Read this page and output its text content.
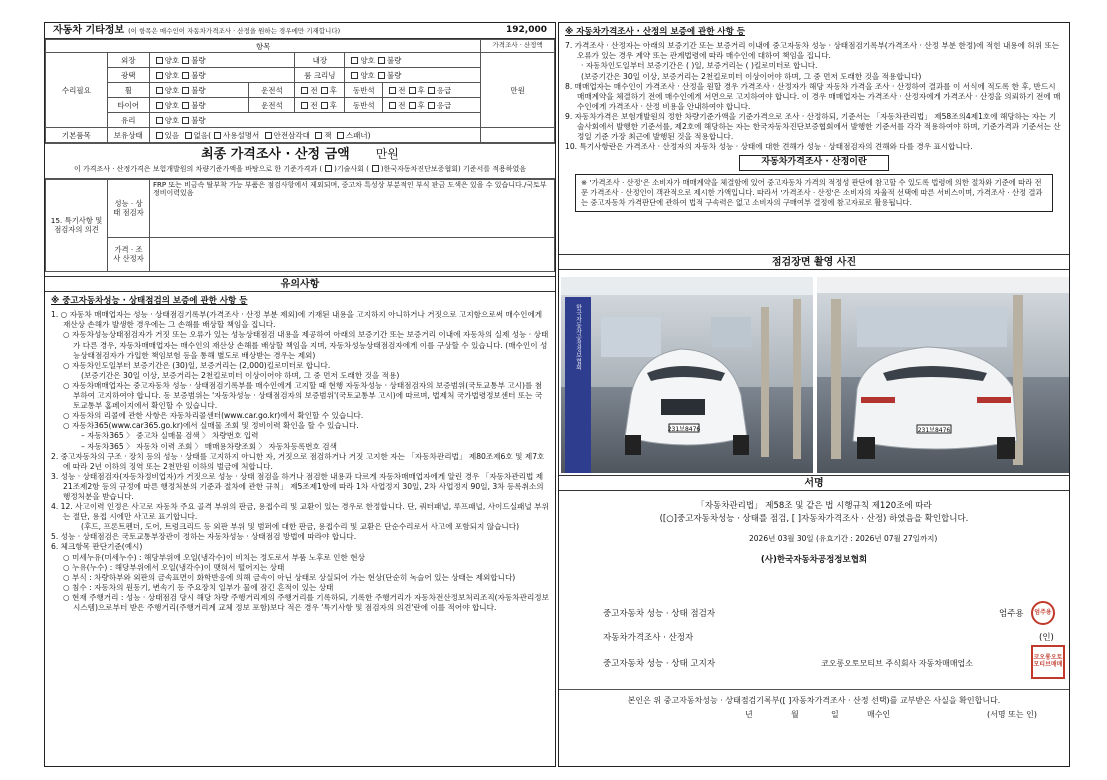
자동차 기타정보 (이 항목은 매수인이 자동차가격조사 · 산정을 원하는 경우에만 기재합니다)	192,000
항목							가격조사 · 산정액
수리필요	외장	양호 불량		내장	양호 불량		만원
	광택	양호 불량		룸 크리닝	양호 불량		
	휠	양호 불량	운전석	전 후	동반석	전 후 응급	
	타이어	양호 불량	운전석	전 후	동반석	전 후 응급	
	유리	양호 불량					
기본품목	보유상태	있음 없음( 사용설명서 안전삼각대 잭 스패너)					
최종 가격조사 · 산정 금액 만원
이 가격조사 · 산정가격은 보험개발원의 차량기준가액을 바탕으로 한 기준가격과 ( )기술사회 ( )한국자동차진단보증협회) 기준서를 적용하였음
15. 특기사항 및 점검자의 의견	성능 · 상태 점검자	FRP 또는 비금속 탈부착 가능 부품은 점검사항에서 제외되며, 중고차 특성상 부분적인 부식 판금 도색은 있을 수 있습니다./국토부정비이력있음
	가격 · 조사 산정자	
유의사항
※ 중고자동차성능 · 상태점검의 보증에 관한 사항 등

1. ○ 자동차 매매업자는 성능 · 상태점검기록부(가격조사 · 산정 부분 제외)에 기재된 내용을 고지하지 아니하거나 거짓으로 고지함으로써 매수인에게 재산상 손해가 발생한 경우에는 그 손해를 배상할 책임을 집니다.

○ 자동차성능상태점검자가 거짓 또는 오류가 있는 성능상태점검 내용을 제공하여 아래의 보증기간 또는 보증거리 이내에 자동차의 실제 성능 · 상태가 다른 경우, 자동차매매업자는 매수인의 재산상 손해를 배상할 책임을 지며, 자동차성능상태점검자에게 이를 구상할 수 있습니다. (매수인이 성능상태점검자가 가입한 책임보험 등을 통해 별도로 배상받는 경우는 제외)

○ 자동차인도일부터 보증기간은 (30)일, 보증거리는 (2,000)킬로미터로 합니다.

(보증기간은 30일 이상, 보증거리는 2천킬로미터 이상이어야 하며, 그 중 먼저 도래한 것을 적용)

○ 자동차매매업자는 중고자동차 성능 · 상태점검기록부를 매수인에게 고지할 때 현행 자동차성능 · 상태점검자의 보증범위(국토교통부 고시)를 첨부하여 고지하여야 합니다. 동 보증범위는 '자동차성능 · 상태점검자의 보증범위'(국토교통부 고시)에 따르며, 법제처 국가법령정보센터 또는 국토교통부 홈페이지에서 확인할 수 있습니다.

○ 자동차의 리콜에 관한 사항은 자동차리콜센터(www.car.go.kr)에서 확인할 수 있습니다.

○ 자동차365(www.car365.go.kr)에서 실매물 조회 및 정비이력 확인을 할 수 있습니다.

– 자동차365 〉 중고차 실매물 검색 〉 차량번호 입력

– 자동차365 〉 자동차 이력 조회 〉 매매용차량조회 〉 자동차등록번호 검색

2. 중고자동차의 구조 · 장치 등의 성능 · 상태를 고지하지 아니한 자, 거짓으로 점검하거나 거짓 고지한 자는 「자동차관리법」 제80조제6호 및 제7호에 따라 2년 이하의 징역 또는 2천만원 이하의 벌금에 처합니다.

3. 성능 · 상태점검자(자동차정비업자)가 거짓으로 성능 · 상태 점검을 하거나 점검한 내용과 다르게 자동차매매업자에게 알린 경우 「자동차관리법 제21조제2항 등의 규정에 따른 행정처분의 기준과 절차에 관한 규칙」 제5조제1항에 따라 1차 사업정지 30일, 2차 사업정지 90일, 3차 등록취소의 행정처분을 받습니다.

4. 12. 사고이력 인정은 사고로 자동차 주요 골격 부위의 판금, 용접수리 및 교환이 있는 경우로 한정합니다. 단, 쿼터패널, 루프패널, 사이드실패널 부위는 절단, 용접 시에만 사고로 표기합니다.

(후드, 프론트펜더, 도어, 트렁크리드 등 외판 부위 및 범퍼에 대한 판금, 용접수리 및 교환은 단순수리로서 사고에 포함되지 않습니다)

5. 성능 · 상태점검은 국토교통부장관이 정하는 자동차성능 · 상태점검 방법에 따라야 합니다.

6. 체크항목 판단기준(예시)

○ 미세누유(미세누수) : 해당부위에 오일(냉각수)이 비치는 정도로서 부품 노후로 인한 현상

○ 누유(누수) : 해당부위에서 오일(냉각수)이 맺혀서 떨어지는 상태

○ 부식 : 차량하부와 외판의 금속표면이 화학반응에 의해 금속이 아닌 상태로 상실되어 가는 현상(단순히 녹슬어 있는 상태는 제외합니다)

○ 침수 : 자동차의 원동기, 변속기 등 주요장치 일부가 물에 잠긴 흔적이 있는 상태

○ 현재 주행거리 : 성능 · 상태점검 당시 해당 차량 주행거리계의 주행거리를 기록하되, 기록한 주행거리가 자동차전산정보처리조직(자동차관리정보시스템)으로부터 받은 주행거리(주행거리계 교체 정보 포함)보다 적은 경우 '특기사항 및 점검자의 의견'란에 이를 적어야 합니다.

※ 자동차가격조사 · 산정의 보증에 관한 사항 등

7. 가격조사 · 산정자는 아래의 보증기간 또는 보증거리 이내에 중고자동차 성능 · 상태점검기록부(가격조사 · 산정 부분 한정)에 적힌 내용에 허위 또는 오류가 있는 경우 계약 또는 관계법령에 따라 매수인에 대하여 책임을 집니다.

· 자동차인도일부터 보증기간은 ( )일, 보증거리는 ( )킬로미터로 합니다.

(보증기간은 30일 이상, 보증거리는 2천킬로미터 이상이어야 하며, 그 중 먼저 도래한 것을 적용합니다)

8. 매매업자는 매수인이 가격조사 · 산정을 원할 경우 가격조사 · 산정자가 해당 자동차 가격을 조사 · 산정하여 결과를 이 서식에 적도록 한 후, 반드시 매매계약을 체결하기 전에 매수인에게 서면으로 고지하여야 합니다. 이 경우 매매업자는 가격조사 · 산정자에게 가격조사 · 산정을 의뢰하기 전에 매수인에게 가격조사 · 산정 비용을 안내하여야 합니다.

9. 자동차가격은 보험개발원의 정한 차량기준가액을 기준가격으로 조사 · 산정하되, 기준서는 「자동차관리법」 제58조의4제1호에 해당하는 자는 기술사회에서 발행한 기준서를, 제2호에 해당하는 자는 한국자동차진단보증협회에서 발행한 기준서를 각각 적용하여야 하며, 기준가격과 기준서는 산정일 기준 가장 최근에 발행된 것을 적용합니다.

10. 특기사항란은 가격조사 · 산정자의 자동차 성능 · 상태에 대한 견해가 성능 · 상태점검자의 견해와 다를 경우 표시합니다.

자동차가격조사 · 산정이란
※ '가격조사 · 산정'은 소비자가 매매계약을 체결함에 있어 중고자동차 가격의 적정성 판단에 참고할 수 있도록 법령에 의한 절차와 기준에 따라 전문 가격조사 · 산정인이 객관적으로 제시한 가액입니다. 따라서 '가격조사 · 산정'은 소비자의 자율적 선택에 따른 서비스이며, 가격조사 · 산정 결과는 중고자동차 가격판단에 관하여 법적 구속력은 없고 소비자의 구매여부 결정에 참고자료로 활용됩니다.
점검장면 촬영 사진
231보8476
한국자동차공정정보협회
231보8476
서명
「자동차관리법」 제58조 및 같은 법 시행규칙 제120조에 따라
([○]중고자동차성능 · 상태를 점검, [ ]자동차가격조사 · 산정) 하였음을 확인합니다.
2026년 03월 30일 (유효기간 : 2026년 07월 27일까지)
(사)한국자동차공정정보협회
중고자동차 성능 · 상태 점검자	엄주용
자동차가격조사 · 산정자	(인)
중고자동차 성능 · 상태 고지자	코오롱오토모티브 주식회사 자동차매매업소
본인은 위 중고자동차성능 · 상태점검기록부([ ]자동차가격조사 · 산정 선택)를 교부받은 사실을 확인합니다.
년	월	일	매수인	(서명 또는 인)
엄주용
코오롱오토 모티브매매
